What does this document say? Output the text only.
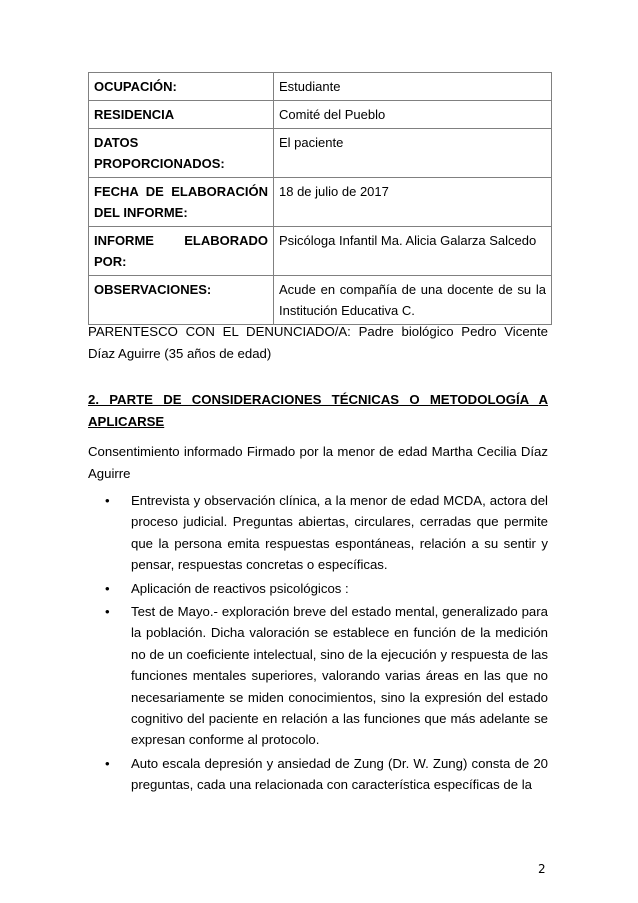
OCUPACIÓN:	Estudiante
RESIDENCIA	Comité del Pueblo
DATOS PROPORCIONADOS:	El paciente
FECHA DE ELABORACIÓN DEL INFORME:	18 de julio de 2017
INFORME ELABORADO POR:	Psicóloga Infantil Ma. Alicia Galarza Salcedo
OBSERVACIONES:	Acude en compañía de una docente de su la Institución Educativa C.
PARENTESCO CON EL DENUNCIADO/A: Padre biológico Pedro Vicente Díaz Aguirre (35 años de edad)
2. PARTE DE CONSIDERACIONES TÉCNICAS O METODOLOGÍA A APLICARSE
Consentimiento informado Firmado por la menor de edad Martha Cecilia Díaz Aguirre
• Entrevista y observación clínica, a la menor de edad MCDA, actora del proceso judicial. Preguntas abiertas, circulares, cerradas que permite que la persona emita respuestas espontáneas, relación a su sentir y pensar, respuestas concretas o específicas.
• Aplicación de reactivos psicológicos :
• Test de Mayo.- exploración breve del estado mental, generalizado para la población. Dicha valoración se establece en función de la medición no de un coeficiente intelectual, sino de la ejecución y respuesta de las funciones mentales superiores, valorando varias áreas en las que no necesariamente se miden conocimientos, sino la expresión del estado cognitivo del paciente en relación a las funciones que más adelante se expresan conforme al protocolo.
• Auto escala depresión y ansiedad de Zung (Dr. W. Zung) consta de 20 preguntas, cada una relacionada con característica específicas de la
2
